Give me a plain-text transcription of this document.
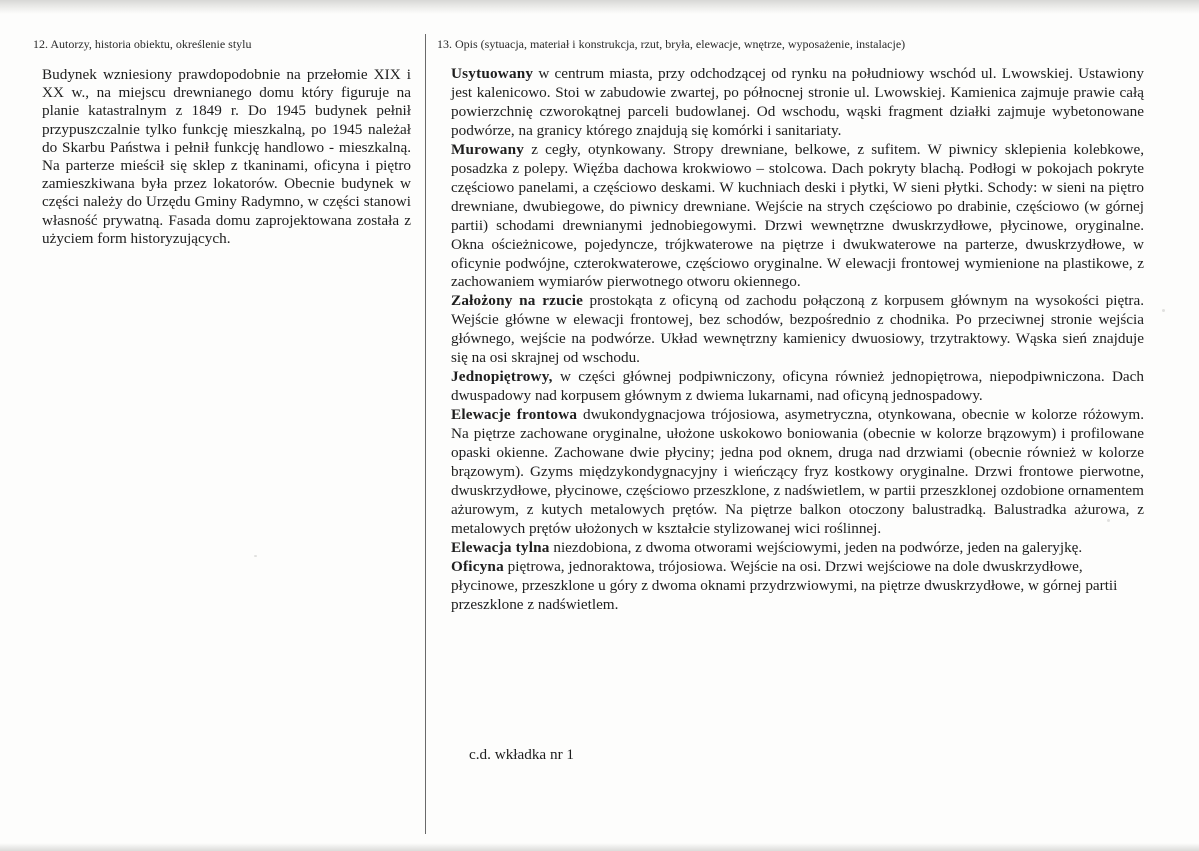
12. Autorzy, historia obiektu, określenie stylu	13. Opis (sytuacja, materiał i konstrukcja, rzut, bryła, elewacje, wnętrze, wyposażenie, instalacje)

Budynek wzniesiony prawdopodobnie na przełomie XIX i XX w., na miejscu drewnianego domu który figuruje na planie katastralnym z 1849 r. Do 1945 budynek pełnił przypuszczalnie tylko funkcję mieszkalną, po 1945 należał do Skarbu Państwa i pełnił funkcję handlowo - mieszkalną. Na parterze mieścił się sklep z tkaninami, oficyna i piętro zamieszkiwana była przez lokatorów. Obecnie budynek w części należy do Urzędu Gminy Radymno, w części stanowi własność prywatną. Fasada domu zaprojektowana została z użyciem form historyzujących.

Usytuowany w centrum miasta, przy odchodzącej od rynku na południowy wschód ul. Lwowskiej. Ustawiony jest kalenicowo. Stoi w zabudowie zwartej, po północnej stronie ul. Lwowskiej. Kamienica zajmuje prawie całą powierzchnię czworokątnej parceli budowlanej. Od wschodu, wąski fragment działki zajmuje wybetonowane podwórze, na granicy którego znajdują się komórki i sanitariaty.

Murowany z cegły, otynkowany. Stropy drewniane, belkowe, z sufitem. W piwnicy sklepienia kolebkowe, posadzka z polepy. Więźba dachowa krokwiowo – stolcowa. Dach pokryty blachą. Podłogi w pokojach pokryte częściowo panelami, a częściowo deskami. W kuchniach deski i płytki, W sieni płytki. Schody: w sieni na piętro drewniane, dwubiegowe, do piwnicy drewniane. Wejście na strych częściowo po drabinie, częściowo (w górnej partii) schodami drewnianymi jednobiegowymi. Drzwi wewnętrzne dwuskrzydłowe, płycinowe, oryginalne. Okna ościeżnicowe, pojedyncze, trójkwaterowe na piętrze i dwukwaterowe na parterze, dwuskrzydłowe, w oficynie podwójne, czterokwaterowe, częściowo oryginalne. W elewacji frontowej wymienione na plastikowe, z zachowaniem wymiarów pierwotnego otworu okiennego.

Założony na rzucie prostokąta z oficyną od zachodu połączoną z korpusem głównym na wysokości piętra. Wejście główne w elewacji frontowej, bez schodów, bezpośrednio z chodnika. Po przeciwnej stronie wejścia głównego, wejście na podwórze. Układ wewnętrzny kamienicy dwuosiowy, trzytraktowy. Wąska sień znajduje się na osi skrajnej od wschodu.

Jednopiętrowy, w części głównej podpiwniczony, oficyna również jednopiętrowa, niepodpiwniczona. Dach dwuspadowy nad korpusem głównym z dwiema lukarnami, nad oficyną jednospadowy.

Elewacje frontowa dwukondygnacjowa trójosiowa, asymetryczna, otynkowana, obecnie w kolorze różowym. Na piętrze zachowane oryginalne, ułożone uskokowo boniowania (obecnie w kolorze brązowym) i profilowane opaski okienne. Zachowane dwie płyciny; jedna pod oknem, druga nad drzwiami (obecnie również w kolorze brązowym). Gzyms międzykondygnacyjny i wieńczący fryz kostkowy oryginalne. Drzwi frontowe pierwotne, dwuskrzydłowe, płycinowe, częściowo przeszklone, z nadświetlem, w partii przeszklonej ozdobione ornamentem ażurowym, z kutych metalowych prętów. Na piętrze balkon otoczony balustradką. Balustradka ażurowa, z metalowych prętów ułożonych w kształcie stylizowanej wici roślinnej.

Elewacja tylna niezdobiona, z dwoma otworami wejściowymi, jeden na podwórze, jeden na galeryjkę.

Oficyna piętrowa, jednoraktowa, trójosiowa. Wejście na osi. Drzwi wejściowe na dole dwuskrzydłowe, płycinowe, przeszklone u góry z dwoma oknami przydrzwiowymi, na piętrze dwuskrzydłowe, w górnej partii przeszklone z nadświetlem.

c.d. wkładka nr 1
